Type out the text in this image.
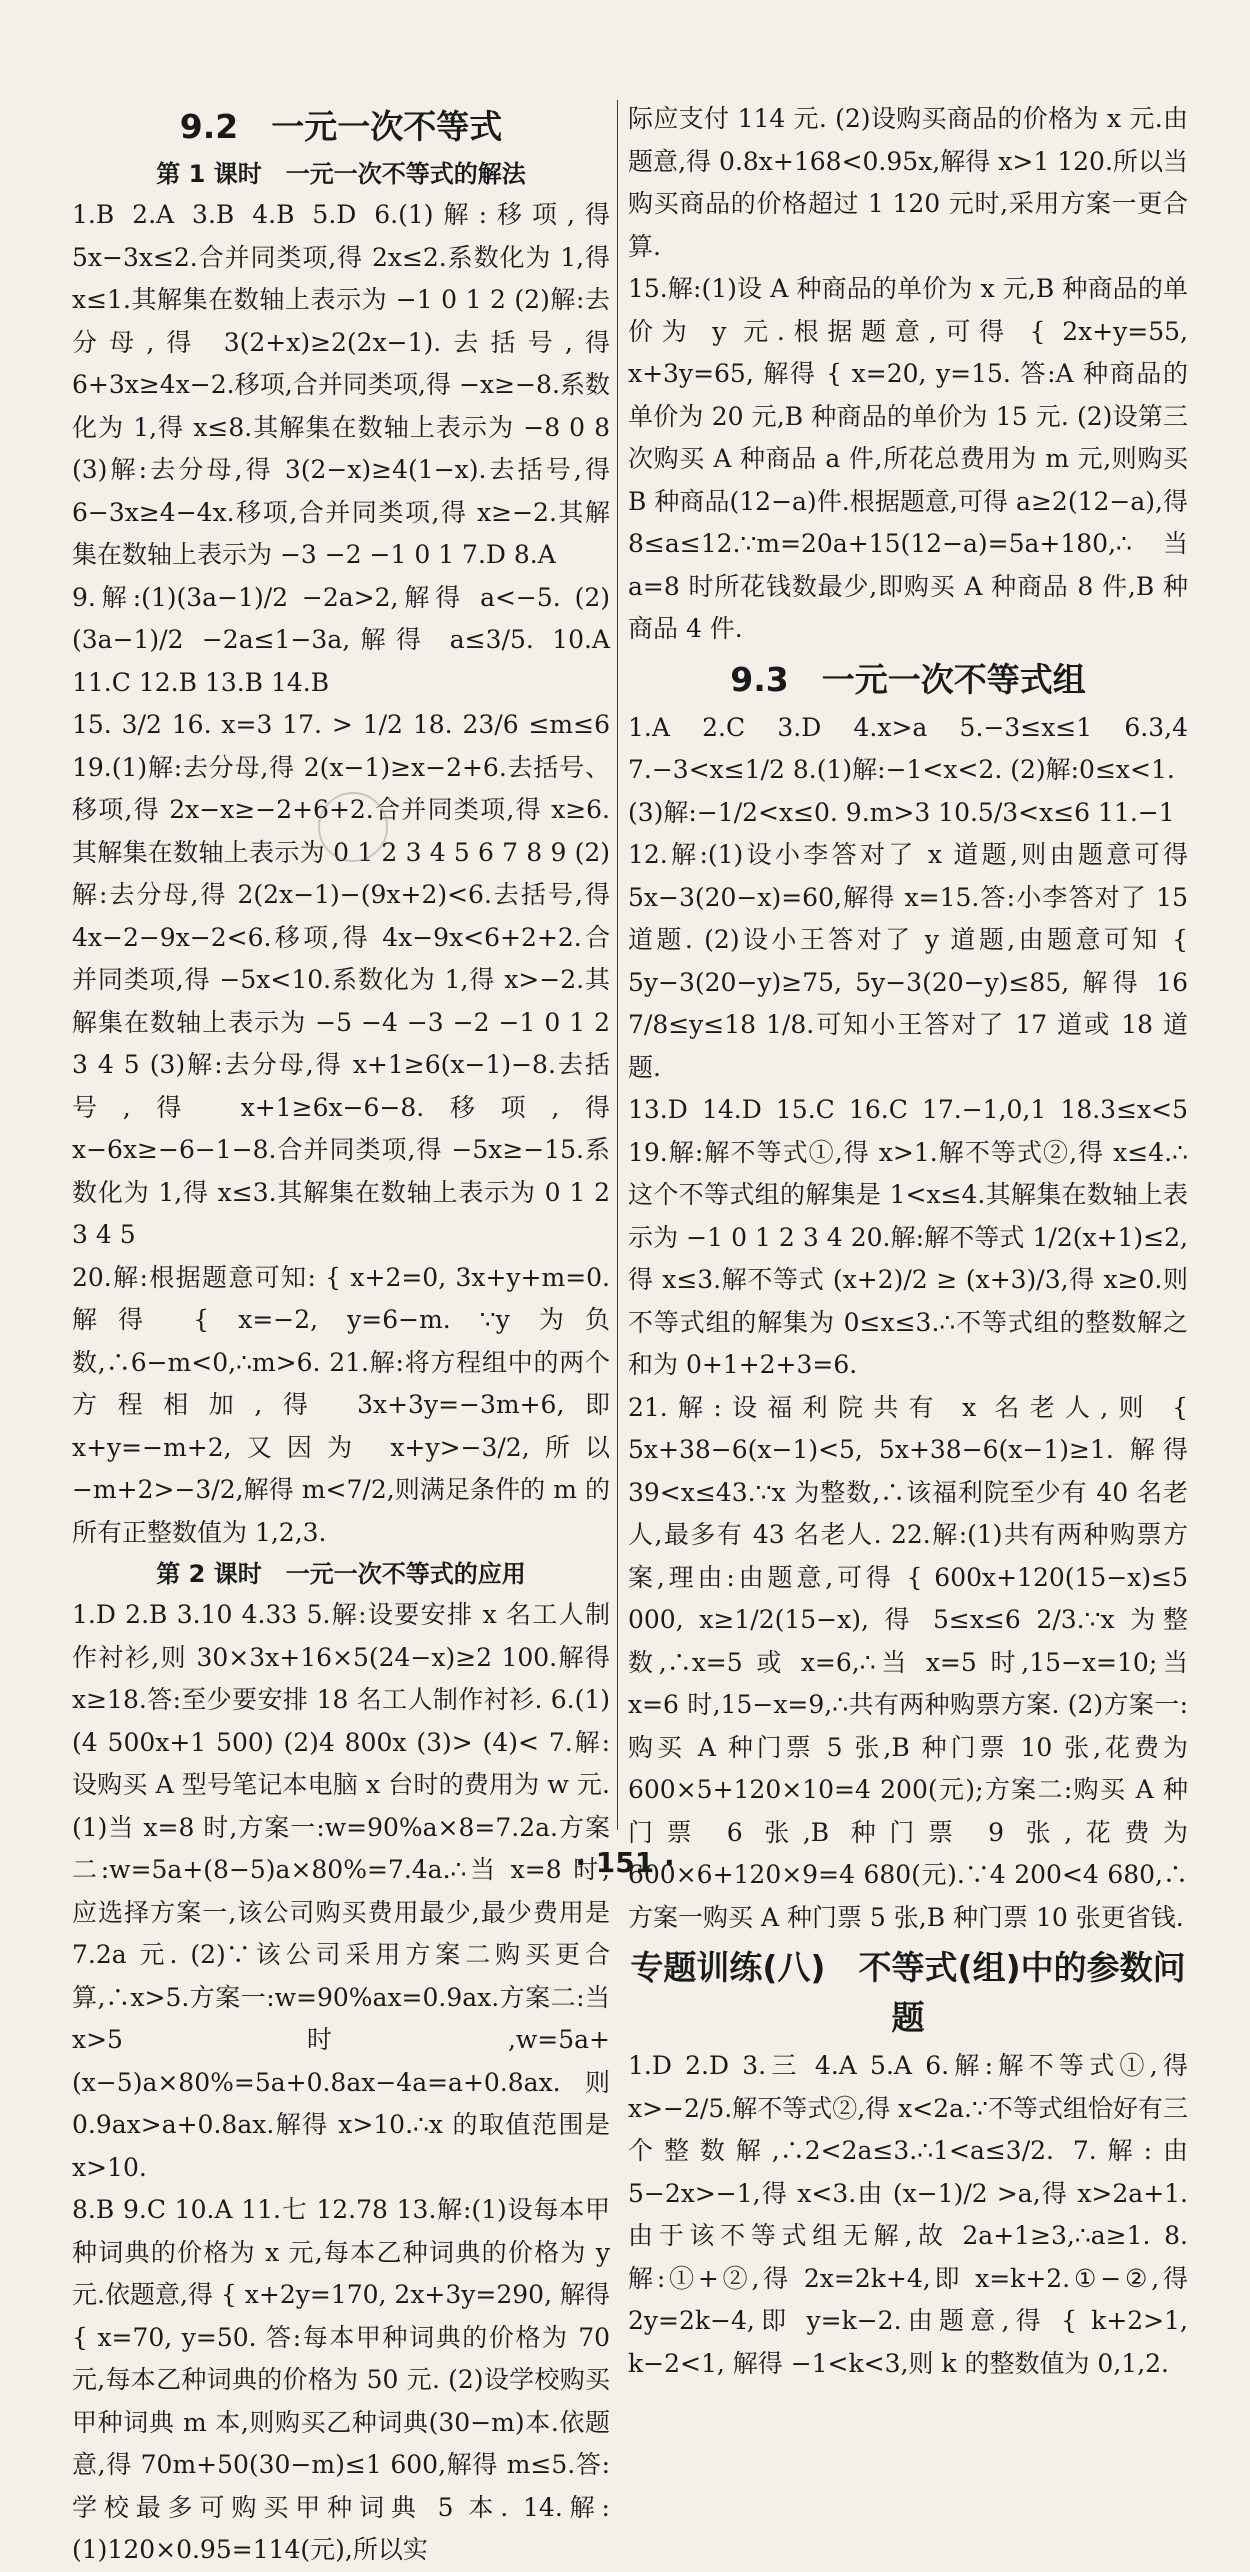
9.2　一元一次不等式
第 1 课时　一元一次不等式的解法

1.B 2.A 3.B 4.B 5.D 6.(1)解:移项,得 5x−3x≤2.合并同类项,得 2x≤2.系数化为 1,得 x≤1.其解集在数轴上表示为 −1 0 1 2 (2)解:去分母,得 3(2+x)≥2(2x−1).去括号,得 6+3x≥4x−2.移项,合并同类项,得 −x≥−8.系数化为 1,得 x≤8.其解集在数轴上表示为 −8 0 8 (3)解:去分母,得 3(2−x)≥4(1−x).去括号,得 6−3x≥4−4x.移项,合并同类项,得 x≥−2.其解集在数轴上表示为 −3 −2 −1 0 1 7.D 8.A

9.解:(1)(3a−1)/2 −2a>2,解得 a<−5. (2)(3a−1)/2 −2a≤1−3a,解得 a≤3/5. 10.A 11.C 12.B 13.B 14.B

15. 3/2 16. x=3 17. > 1/2 18. 23/6 ≤m≤6 19.(1)解:去分母,得 2(x−1)≥x−2+6.去括号、移项,得 2x−x≥−2+6+2.合并同类项,得 x≥6.其解集在数轴上表示为 0 1 2 3 4 5 6 7 8 9 (2)解:去分母,得 2(2x−1)−(9x+2)<6.去括号,得 4x−2−9x−2<6.移项,得 4x−9x<6+2+2.合并同类项,得 −5x<10.系数化为 1,得 x>−2.其解集在数轴上表示为 −5 −4 −3 −2 −1 0 1 2 3 4 5 (3)解:去分母,得 x+1≥6(x−1)−8.去括号,得 x+1≥6x−6−8.移项,得 x−6x≥−6−1−8.合并同类项,得 −5x≥−15.系数化为 1,得 x≤3.其解集在数轴上表示为 0 1 2 3 4 5

20.解:根据题意可知: { x+2=0, 3x+y+m=0. 解得 { x=−2, y=6−m. ∵y 为负数,∴6−m<0,∴m>6. 21.解:将方程组中的两个方程相加,得 3x+3y=−3m+6,即 x+y=−m+2,又因为 x+y>−3/2,所以 −m+2>−3/2,解得 m<7/2,则满足条件的 m 的所有正整数值为 1,2,3.

第 2 课时　一元一次不等式的应用

1.D 2.B 3.10 4.33 5.解:设要安排 x 名工人制作衬衫,则 30×3x+16×5(24−x)≥2 100.解得 x≥18.答:至少要安排 18 名工人制作衬衫. 6.(1)(4 500x+1 500) (2)4 800x (3)> (4)< 7.解:设购买 A 型号笔记本电脑 x 台时的费用为 w 元.(1)当 x=8 时,方案一:w=90%a×8=7.2a.方案二:w=5a+(8−5)a×80%=7.4a.∴当 x=8 时,应选择方案一,该公司购买费用最少,最少费用是 7.2a 元. (2)∵该公司采用方案二购买更合算,∴x>5.方案一:w=90%ax=0.9ax.方案二:当 x>5 时,w=5a+(x−5)a×80%=5a+0.8ax−4a=a+0.8ax.则 0.9ax>a+0.8ax.解得 x>10.∴x 的取值范围是 x>10.

8.B 9.C 10.A 11.七 12.78 13.解:(1)设每本甲种词典的价格为 x 元,每本乙种词典的价格为 y 元.依题意,得 { x+2y=170, 2x+3y=290, 解得 { x=70, y=50. 答:每本甲种词典的价格为 70 元,每本乙种词典的价格为 50 元. (2)设学校购买甲种词典 m 本,则购买乙种词典(30−m)本.依题意,得 70m+50(30−m)≤1 600,解得 m≤5.答:学校最多可购买甲种词典 5 本. 14.解:(1)120×0.95=114(元),所以实

际应支付 114 元. (2)设购买商品的价格为 x 元.由题意,得 0.8x+168<0.95x,解得 x>1 120.所以当购买商品的价格超过 1 120 元时,采用方案一更合算.

15.解:(1)设 A 种商品的单价为 x 元,B 种商品的单价为 y 元.根据题意,可得 { 2x+y=55, x+3y=65, 解得 { x=20, y=15. 答:A 种商品的单价为 20 元,B 种商品的单价为 15 元. (2)设第三次购买 A 种商品 a 件,所花总费用为 m 元,则购买 B 种商品(12−a)件.根据题意,可得 a≥2(12−a),得 8≤a≤12.∵m=20a+15(12−a)=5a+180,∴当 a=8 时所花钱数最少,即购买 A 种商品 8 件,B 种商品 4 件.

9.3　一元一次不等式组

1.A 2.C 3.D 4.x>a 5.−3≤x≤1 6.3,4 7.−3<x≤1/2 8.(1)解:−1<x<2. (2)解:0≤x<1.

(3)解:−1/2<x≤0. 9.m>3 10.5/3<x≤6 11.−1

12.解:(1)设小李答对了 x 道题,则由题意可得 5x−3(20−x)=60,解得 x=15.答:小李答对了 15 道题. (2)设小王答对了 y 道题,由题意可知 { 5y−3(20−y)≥75, 5y−3(20−y)≤85, 解得 16 7/8≤y≤18 1/8.可知小王答对了 17 道或 18 道题.

13.D 14.D 15.C 16.C 17.−1,0,1 18.3≤x<5 19.解:解不等式①,得 x>1.解不等式②,得 x≤4.∴这个不等式组的解集是 1<x≤4.其解集在数轴上表示为 −1 0 1 2 3 4 20.解:解不等式 1/2(x+1)≤2,得 x≤3.解不等式 (x+2)/2 ≥ (x+3)/3,得 x≥0.则不等式组的解集为 0≤x≤3.∴不等式组的整数解之和为 0+1+2+3=6.

21.解:设福利院共有 x 名老人,则 { 5x+38−6(x−1)<5, 5x+38−6(x−1)≥1. 解得 39<x≤43.∵x 为整数,∴该福利院至少有 40 名老人,最多有 43 名老人. 22.解:(1)共有两种购票方案,理由:由题意,可得 { 600x+120(15−x)≤5 000, x≥1/2(15−x), 得 5≤x≤6 2/3.∵x 为整数,∴x=5 或 x=6,∴当 x=5 时,15−x=10;当 x=6 时,15−x=9,∴共有两种购票方案. (2)方案一:购买 A 种门票 5 张,B 种门票 10 张,花费为 600×5+120×10=4 200(元);方案二:购买 A 种门票 6 张,B 种门票 9 张,花费为 600×6+120×9=4 680(元).∵4 200<4 680,∴方案一购买 A 种门票 5 张,B 种门票 10 张更省钱.

专题训练(八)　不等式(组)中的参数问题

1.D 2.D 3.三 4.A 5.A 6.解:解不等式①,得 x>−2/5.解不等式②,得 x<2a.∵不等式组恰好有三个整数解,∴2<2a≤3.∴1<a≤3/2. 7.解:由 5−2x>−1,得 x<3.由 (x−1)/2 >a,得 x>2a+1.由于该不等式组无解,故 2a+1≥3,∴a≥1. 8.解:①+②,得 2x=2k+4,即 x=k+2.①−②,得 2y=2k−4,即 y=k−2.由题意,得 { k+2>1, k−2<1, 解得 −1<k<3,则 k 的整数值为 0,1,2.

· 151 ·
